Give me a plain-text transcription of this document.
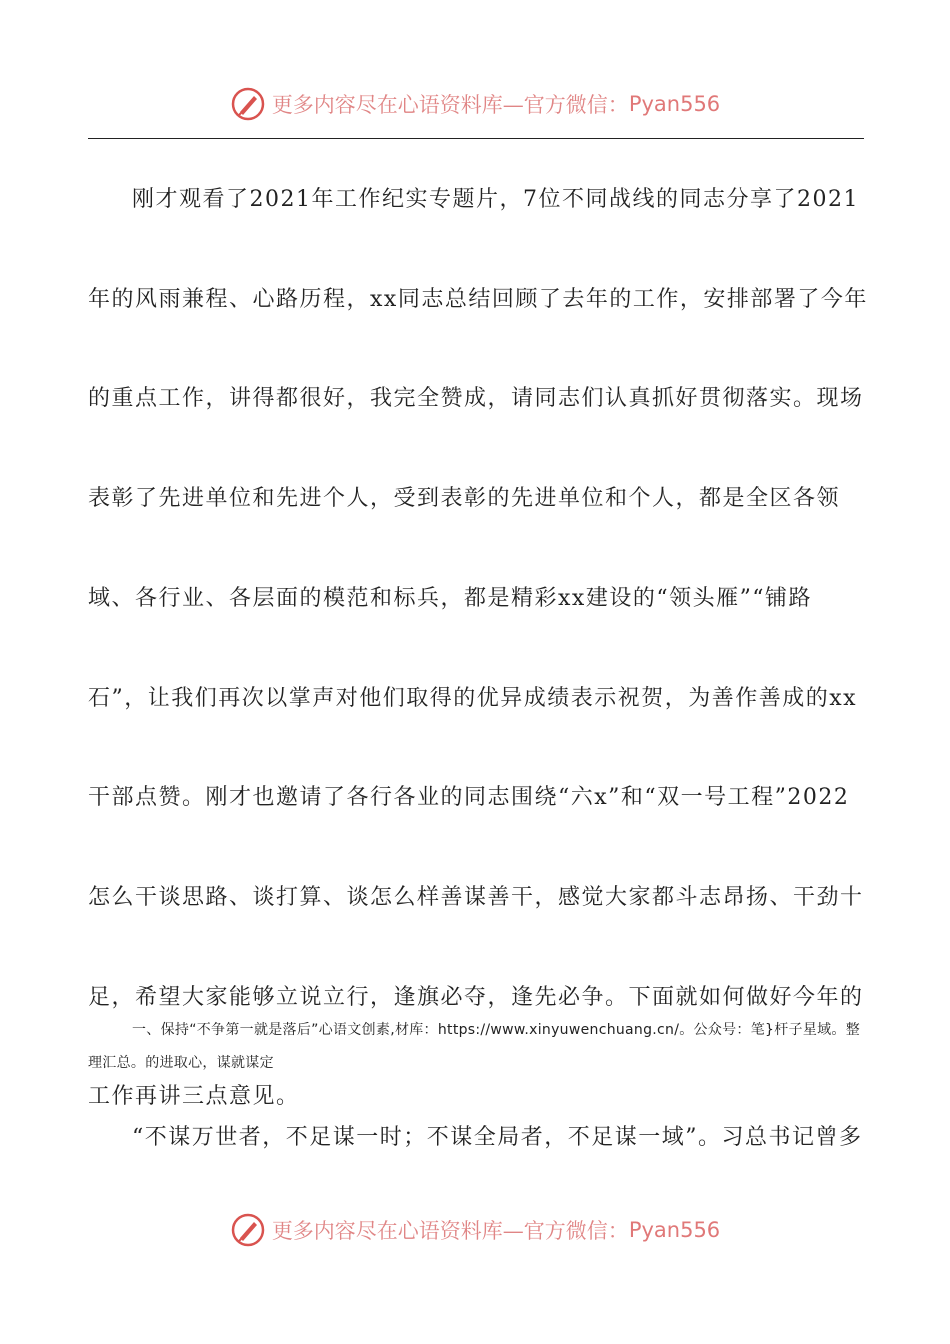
更多内容尽在心语资料库—官方微信： Pyan556

刚才观看了2021年工作纪实专题片，7位不同战线的同志分享了2021年的风雨兼程、心路历程，xx同志总结回顾了去年的工作，安排部署了今年的重点工作，讲得都很好，我完全赞成，请同志们认真抓好贯彻落实。现场表彰了先进单位和先进个人，受到表彰的先进单位和个人，都是全区各领域、各行业、各层面的模范和标兵，都是精彩xx建设的“领头雁”“铺路石”，让我们再次以掌声对他们取得的优异成绩表示祝贺，为善作善成的xx干部点赞。刚才也邀请了各行各业的同志围绕“六x”和“双一号工程”2022怎么干谈思路、谈打算、谈怎么样善谋善干，感觉大家都斗志昂扬、干劲十足，希望大家能够立说立行，逢旗必夺，逢先必争。下面就如何做好今年的工作再讲三点意见。

一、保持“不争第一就是落后”心语文创素,材库：https://www.xinyuwenchuang.cn/。公众号：笔}杆子星域。整理汇总。的进取心，谋就谋定

“不谋万世者，不足谋一时；不谋全局者，不足谋一域”。习总书记曾多

更多内容尽在心语资料库—官方微信： Pyan556
